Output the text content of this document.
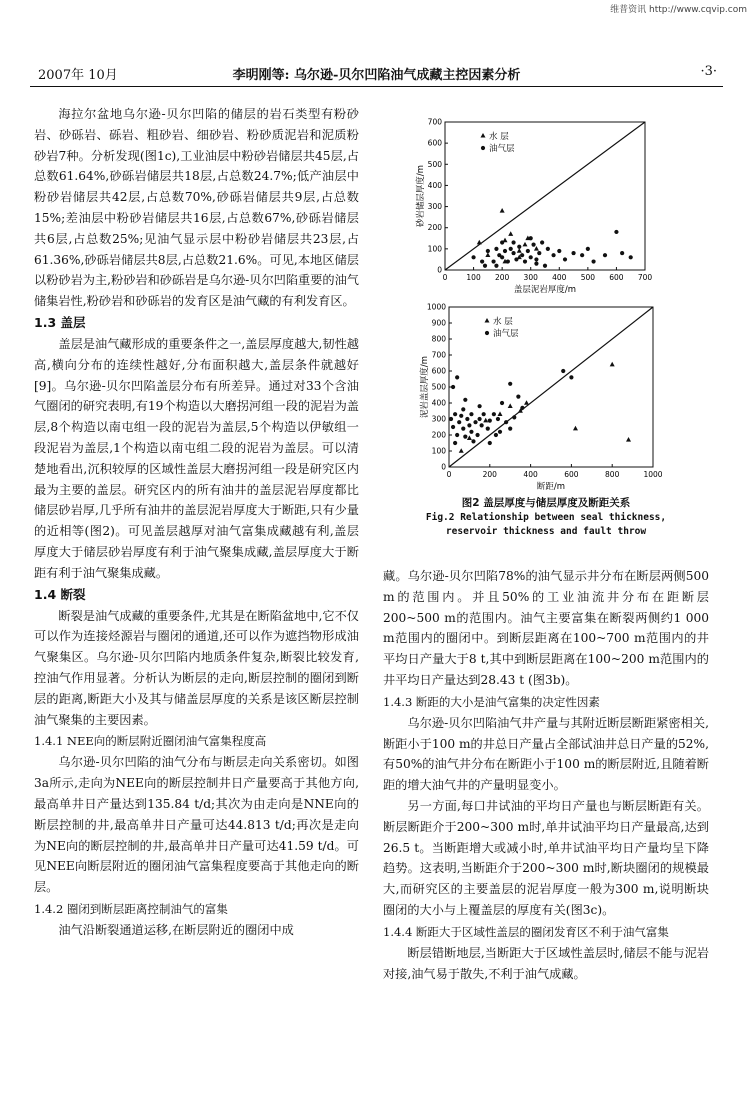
维普资讯 http://www.cqvip.com
2007年 10月	李明刚等: 乌尔逊-贝尔凹陷油气成藏主控因素分析	·3·

海拉尔盆地乌尔逊-贝尔凹陷的储层的岩石类型有粉砂岩、砂砾岩、砾岩、粗砂岩、细砂岩、粉砂质泥岩和泥质粉砂岩7种。分析发现(图1c),工业油层中粉砂岩储层共45层,占总数61.64%,砂砾岩储层共18层,占总数24.7%;低产油层中粉砂岩储层共42层,占总数70%,砂砾岩储层共9层,占总数15%;差油层中粉砂岩储层共16层,占总数67%,砂砾岩储层共6层,占总数25%;见油气显示层中粉砂岩储层共23层,占61.36%,砂砾岩储层共8层,占总数21.6%。可见,本地区储层以粉砂岩为主,粉砂岩和砂砾岩是乌尔逊-贝尔凹陷重要的油气储集岩性,粉砂岩和砂砾岩的发育区是油气藏的有利发育区。

1.3 盖层

盖层是油气藏形成的重要条件之一,盖层厚度越大,韧性越高,横向分布的连续性越好,分布面积越大,盖层条件就越好[9]。乌尔逊-贝尔凹陷盖层分布有所差异。通过对33个含油气圈闭的研究表明,有19个构造以大磨拐河组一段的泥岩为盖层,8个构造以南屯组一段的泥岩为盖层,5个构造以伊敏组一段泥岩为盖层,1个构造以南屯组二段的泥岩为盖层。可以清楚地看出,沉积较厚的区域性盖层大磨拐河组一段是研究区内最为主要的盖层。研究区内的所有油井的盖层泥岩厚度都比储层砂岩厚,几乎所有油井的盖层泥岩厚度大于断距,只有少量的近相等(图2)。可见盖层越厚对油气富集成藏越有利,盖层厚度大于储层砂岩厚度有利于油气聚集成藏,盖层厚度大于断距有利于油气聚集成藏。

1.4 断裂

断裂是油气成藏的重要条件,尤其是在断陷盆地中,它不仅可以作为连接烃源岩与圈闭的通道,还可以作为遮挡物形成油气聚集区。乌尔逊-贝尔凹陷内地质条件复杂,断裂比较发育,控油气作用显著。分析认为断层的走向,断层控制的圈闭到断层的距离,断距大小及其与储盖层厚度的关系是该区断层控制油气聚集的主要因素。

1.4.1 NEE向的断层附近圈闭油气富集程度高

乌尔逊-贝尔凹陷的油气分布与断层走向关系密切。如图3a所示,走向为NEE向的断层控制井日产量要高于其他方向,最高单井日产量达到135.84 t/d;其次为由走向是NNE向的断层控制的井,最高单井日产量可达44.813 t/d;再次是走向为NE向的断层控制的井,最高单井日产量可达41.59 t/d。可见NEE向断层附近的圈闭油气富集程度要高于其他走向的断层。

1.4.2 圈闭到断层距离控制油气的富集

油气沿断裂通道运移,在断层附近的圈闭中成

0	100 200 300 400 500 600 700
0
100
200
300
400
500
600
700
水 层
油气层
盖层泥岩厚度/m
砂岩储层厚度/m

0	200	400	600	800	1000
0
100
200
300
400
500
600
700
800
900
1000
水 层
油气层
断距/m
泥岩盖层厚度/m
图2 盖层厚度与储层厚度及断距关系
Fig.2 Relationship between seal thickness,
reservoir thickness and fault throw

藏。乌尔逊-贝尔凹陷78%的油气显示井分布在断层两侧500 m的范围内。并且50%的工业油流井分布在距断层200~500 m的范围内。油气主要富集在断裂两侧约1 000 m范围内的圈闭中。到断层距离在100~700 m范围内的井平均日产量大于8 t,其中到断层距离在100~200 m范围内的井平均日产量达到28.43 t (图3b)。

1.4.3 断距的大小是油气富集的决定性因素

乌尔逊-贝尔凹陷油气井产量与其附近断层断距紧密相关,断距小于100 m的井总日产量占全部试油井总日产量的52%,有50%的油气井分布在断距小于100 m的断层附近,且随着断距的增大油气井的产量明显变小。

另一方面,每口井试油的平均日产量也与断层断距有关。断层断距介于200~300 m时,单井试油平均日产量最高,达到26.5 t。当断距增大或减小时,单井试油平均日产量均呈下降趋势。这表明,当断距介于200~300 m时,断块圈闭的规模最大,而研究区的主要盖层的泥岩厚度一般为300 m,说明断块圈闭的大小与上覆盖层的厚度有关(图3c)。

1.4.4 断距大于区域性盖层的圈闭发育区不利于油气富集

断层错断地层,当断距大于区域性盖层时,储层不能与泥岩对接,油气易于散失,不利于油气成藏。
